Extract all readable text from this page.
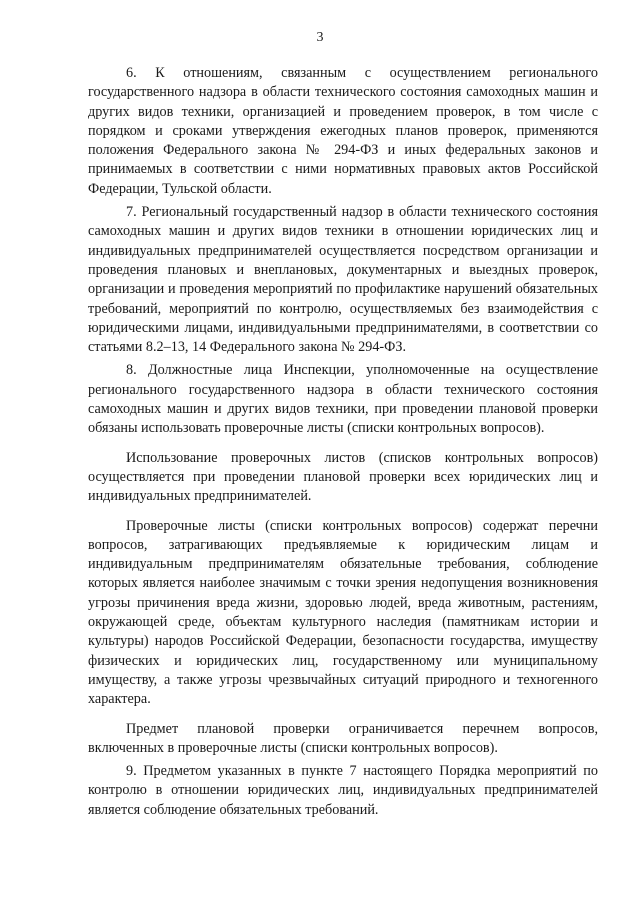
3

6. К отношениям, связанным с осуществлением регионального государственного надзора в области технического состояния самоходных машин и других видов техники, организацией и проведением проверок, в том числе с порядком и сроками утверждения ежегодных планов проверок, применяются положения Федерального закона № 294-ФЗ и иных федеральных законов и принимаемых в соответствии с ними нормативных правовых актов Российской Федерации, Тульской области.

7. Региональный государственный надзор в области технического состояния самоходных машин и других видов техники в отношении юридических лиц и индивидуальных предпринимателей осуществляется посредством организации и проведения плановых и внеплановых, документарных и выездных проверок, организации и проведения мероприятий по профилактике нарушений обязательных требований, мероприятий по контролю, осуществляемых без взаимодействия с юридическими лицами, индивидуальными предпринимателями, в соответствии со статьями 8.2–13, 14 Федерального закона № 294-ФЗ.

8. Должностные лица Инспекции, уполномоченные на осуществление регионального государственного надзора в области технического состояния самоходных машин и других видов техники, при проведении плановой проверки обязаны использовать проверочные листы (списки контрольных вопросов).

Использование проверочных листов (списков контрольных вопросов) осуществляется при проведении плановой проверки всех юридических лиц и индивидуальных предпринимателей.

Проверочные листы (списки контрольных вопросов) содержат перечни вопросов, затрагивающих предъявляемые к юридическим лицам и индивидуальным предпринимателям обязательные требования, соблюдение которых является наиболее значимым с точки зрения недопущения возникновения угрозы причинения вреда жизни, здоровью людей, вреда животным, растениям, окружающей среде, объектам культурного наследия (памятникам истории и культуры) народов Российской Федерации, безопасности государства, имуществу физических и юридических лиц, государственному или муниципальному имуществу, а также угрозы чрезвычайных ситуаций природного и техногенного характера.

Предмет плановой проверки ограничивается перечнем вопросов, включенных в проверочные листы (списки контрольных вопросов).

9. Предметом указанных в пункте 7 настоящего Порядка мероприятий по контролю в отношении юридических лиц, индивидуальных предпринимателей является соблюдение обязательных требований.
